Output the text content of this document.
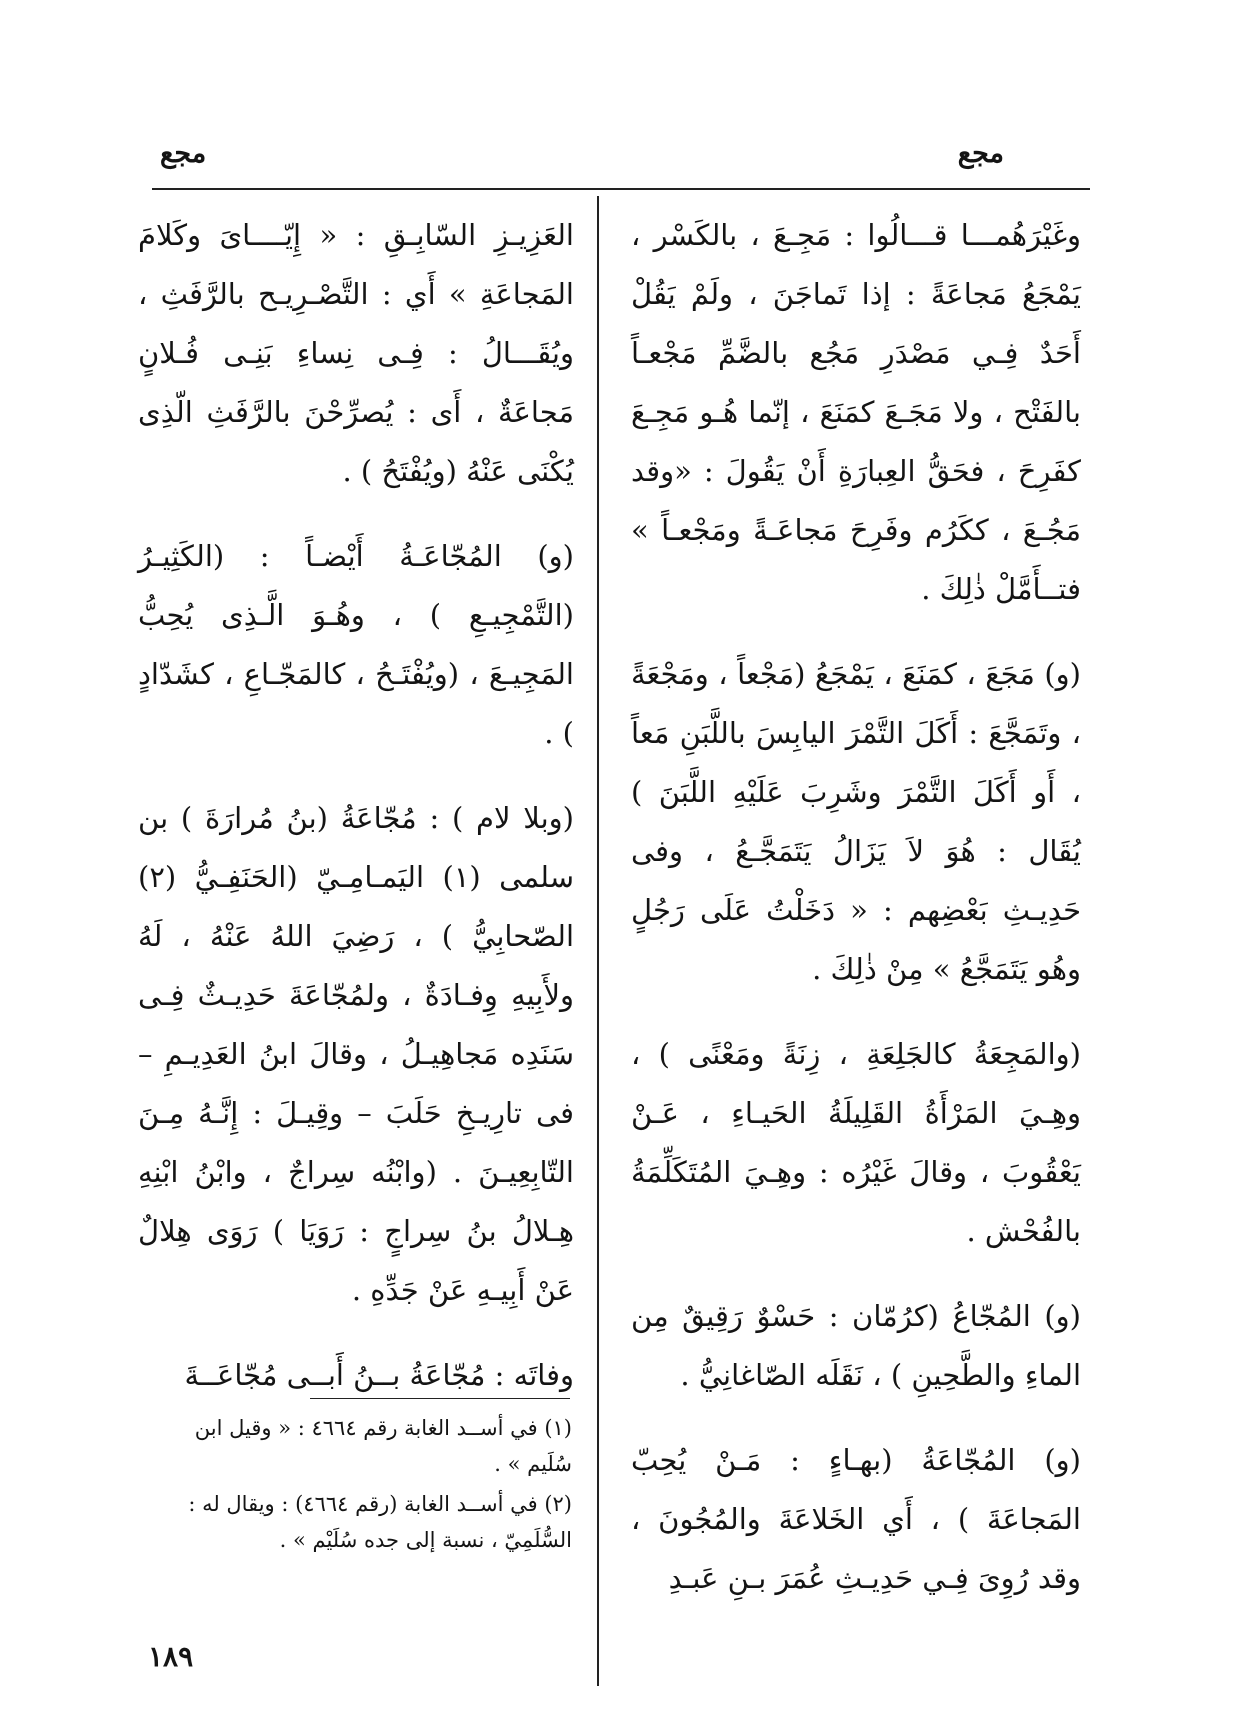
مجع
مجع

وغَيْرَهُمـــا قـــالُوا : مَجِـعَ ، بالكَسْر ، يَمْجَعُ مَجاعَةً : إذا تَماجَنَ ، ولَمْ يَقُلْ أَحَدٌ فِـي مَصْدَرِ مَجُع بالضَّمِّ مَجْعـاً بالفَتْح ، ولا مَجَـعَ كمَنَعَ ، إنّما هُـو مَجِـعَ كفَرِحَ ، فحَقُّ العِبارَةِ أَنْ يَقُولَ : «وقد مَجُـعَ ، ككَرُم وفَرِحَ مَجاعَـةً ومَجْعـاً » فتــأَمَّلْ ذٰلِكَ .

(و) مَجَعَ ، كمَنَعَ ، يَمْجَعُ (مَجْعاً ، ومَجْعَةً ، وتَمَجَّعَ : أَكَلَ التَّمْرَ اليابِسَ باللَّبَنِ مَعاً ، أَو أَكَلَ التَّمْرَ وشَرِبَ عَلَيْهِ اللَّبَنَ ) يُقَال : هُوَ لاَ يَزَالُ يَتَمَجَّـعُ ، وفى حَدِيـثِ بَعْضِهم : « دَخَلْتُ عَلَى رَجُلٍ وهُو يَتَمَجَّعُ » مِنْ ذٰلِكَ .

(والمَجِعَةُ كالجَلِعَةِ ، زِنَةً ومَعْنًى ) ، وهِـيَ المَرْأَةُ القَلِيلَةُ الحَيـاءِ ، عَـنْ يَعْقُوبَ ، وقالَ غَيْرُه : وهِـيَ المُتَكَلِّمَةُ بالفُحْش .

(و) المُجّاعُ (كرُمّان : حَسْوٌ رَقِيقٌ مِن الماءِ والطَّحِينِ ) ، نَقَلَه الصّاغانِيُّ .

(و) المُجّاعَةُ (بهـاءٍ : مَـنْ يُحِبّ المَجاعَةَ ) ، أَي الخَلاعَةَ والمُجُونَ ، وقد رُوِىَ فِـي حَدِيـثِ عُمَرَ بـنِ عَبـدِ

العَزِيـزِ السّابِـقِ : « إِيّــــاىَ وكَلامَ المَجاعَةِ » أَي : التَّصْـرِيـح بالرَّفَثِ ، ويُقَـــالُ : فِـى نِساءِ بَنِـى فُـلانٍ مَجاعَةٌ ، أَى : يُصرِّحْنَ بالرَّفَثِ الّذِى يُكْنَى عَنْهُ (ويُفْتَحُ ) .

(و) المُجّاعَـةُ أَيْضـاً : (الكَثِيـرُ (التَّمْجِيـعِ ) ، وهُـوَ الَّـذِى يُحِبُّ المَجِيـعَ ، (ويُفْتَـحُ ، كالمَجّـاعِ ، كشَدّادٍ ) .

(وبلا لام ) : مُجّاعَةُ (بنُ مُرارَةَ ) بن سلمى (١) اليَمـامِـيّ (الحَنَفِـيُّ (٢) الصّحابِيُّ ) ، رَضِيَ اللهُ عَنْهُ ، لَهُ ولأَبِيهِ وِفـادَةٌ ، ولمُجّاعَةَ حَدِيـثٌ فِـى سَنَدِه مَجاهِيـلُ ، وقالَ ابنُ العَدِيـمِ – فى تارِيـخِ حَلَبَ – وقِيـلَ : إِنَّـهُ مِـنَ التّابِعِيـنَ . (وابْنُه سِراجٌ ، وابْنُ ابْنِهِ هِـلالُ بنُ سِراجٍ : رَوَيَا ) رَوَى هِلالٌ عَنْ أَبِيـهِ عَنْ جَدِّهِ .

وفاتَه : مُجّاعَةُ بــنُ أَبــى مُجّاعَــةَ

(١) في أســد الغابة رقم ٤٦٦٤ : « وقيل ابن سُلَيم » .

(٢) في أســد الغابة (رقم ٤٦٦٤) : ويقال له : السُّلَمِيّ ، نسبة إلى جده سُلَيْم » .

١٨٩
